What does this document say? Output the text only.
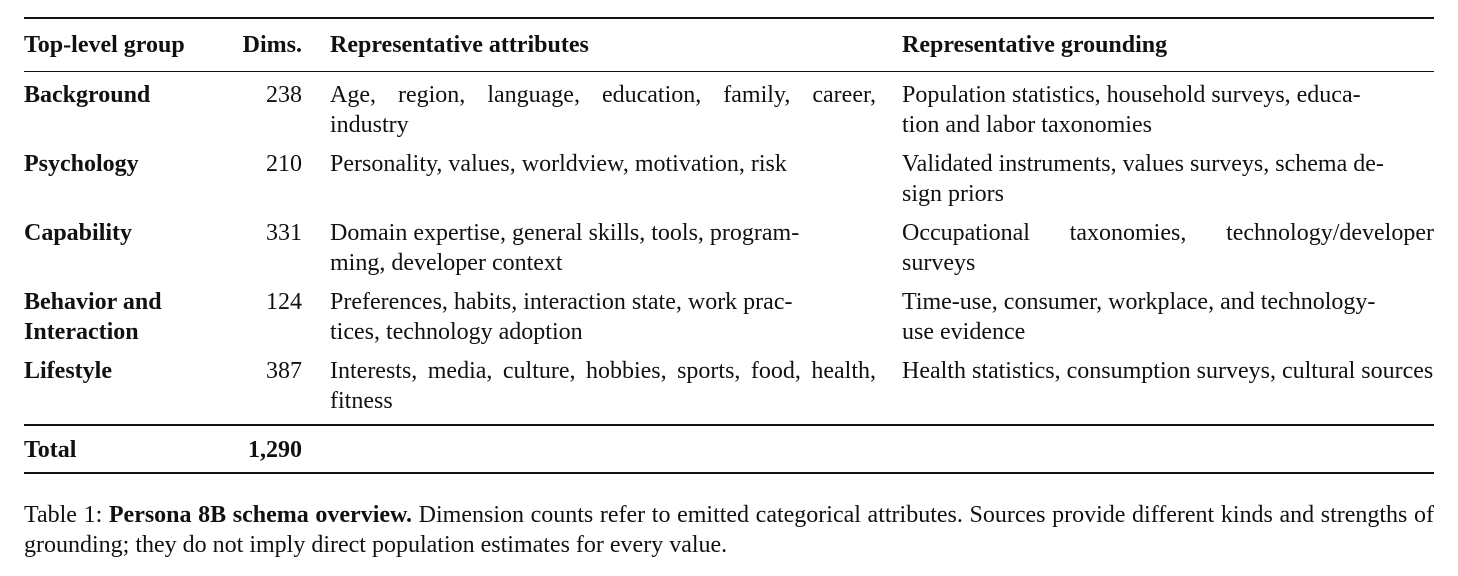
Top-level group	Dims.	Representative attributes	Representative grounding
Background	238	Age, region, language, education, family, career, industry	Population statistics, household surveys, educa-
tion and labor taxonomies
Psychology	210	Personality, values, worldview, motivation, risk	Validated instruments, values surveys, schema de-
sign priors
Capability	331	Domain expertise, general skills, tools, program-
ming, developer context	Occupational taxonomies, technology/developer surveys
Behavior and
Interaction	124	Preferences, habits, interaction state, work prac-
tices, technology adoption	Time-use, consumer, workplace, and technology-
use evidence
Lifestyle	387	Interests, media, culture, hobbies, sports, food, health, fitness	Health statistics, consumption surveys, cultural sources
Total	1,290		
Table 1: Persona 8B schema overview. Dimension counts refer to emitted categorical attributes. Sources provide different kinds and strengths of grounding; they do not imply direct population estimates for every value.
